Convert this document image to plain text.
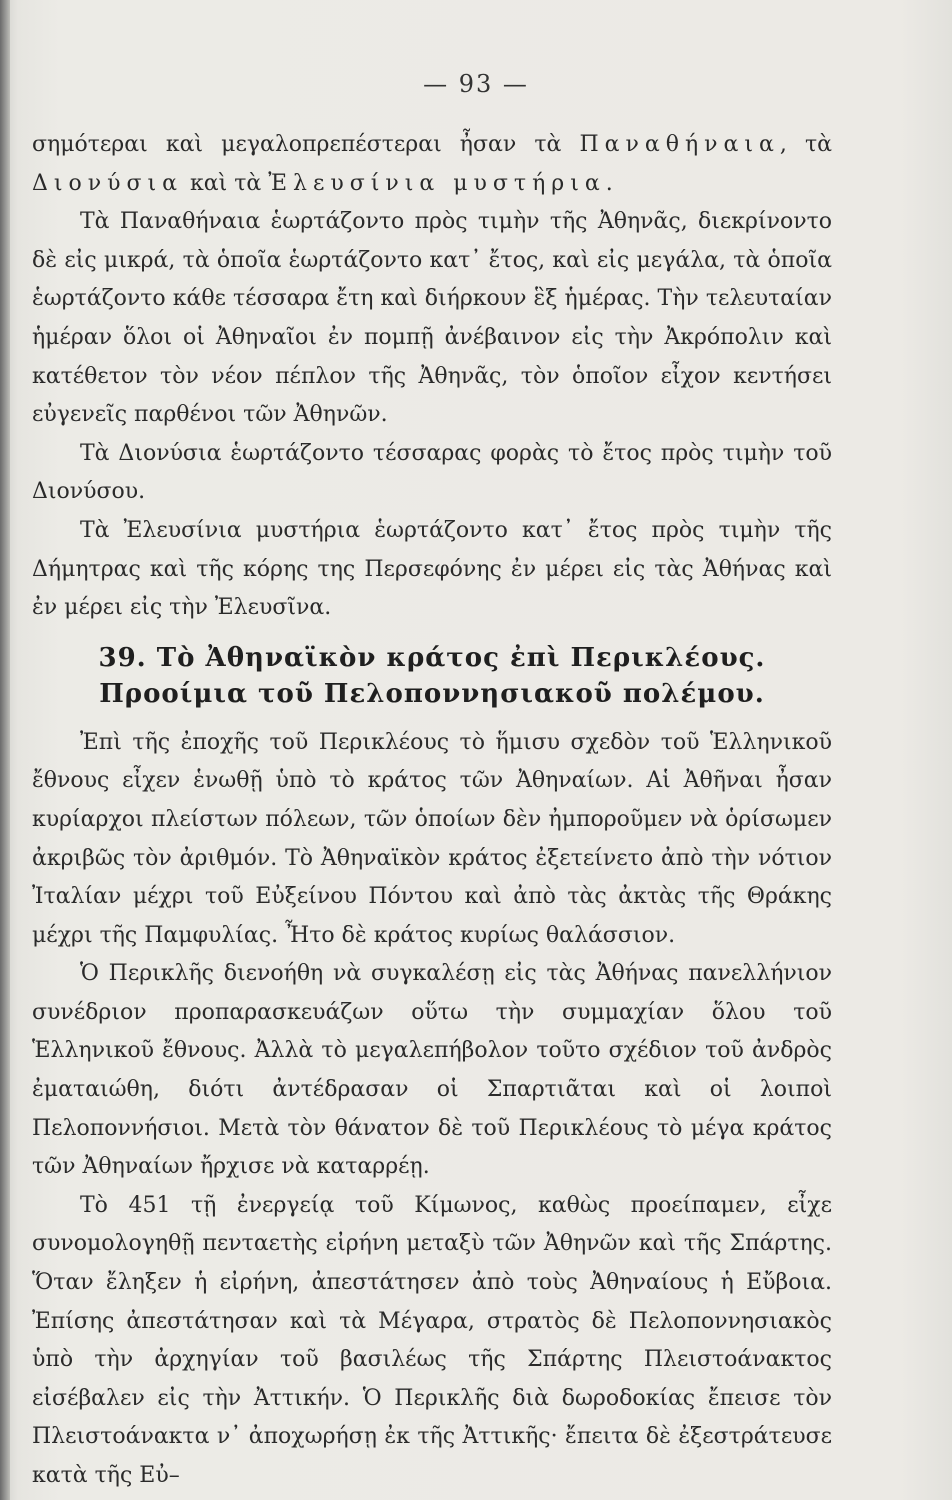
— 93 —

σημότεραι καὶ μεγαλοπρεπέστεραι ἦσαν τὰ Παναθήναια, τὰ Διονύσια καὶ τὰ Ἐλευσίνια μυστήρια.

Τὰ Παναθήναια ἑωρτάζοντο πρὸς τιμὴν τῆς Ἀθηνᾶς, διεκρίνοντο δὲ εἰς μικρά, τὰ ὁποῖα ἑωρτάζοντο κατ᾽ ἔτος, καὶ εἰς μεγάλα, τὰ ὁποῖα ἑωρτάζοντο κάθε τέσσαρα ἔτη καὶ διήρκουν ἓξ ἡμέρας. Τὴν τελευταίαν ἡμέραν ὅλοι οἱ Ἀθηναῖοι ἐν πομπῇ ἀνέβαινον εἰς τὴν Ἀκρόπολιν καὶ κατέθετον τὸν νέον πέπλον τῆς Ἀθηνᾶς, τὸν ὁποῖον εἶχον κεντήσει εὐγενεῖς παρθένοι τῶν Ἀθηνῶν.

Τὰ Διονύσια ἑωρτάζοντο τέσσαρας φορὰς τὸ ἔτος πρὸς τιμὴν τοῦ Διονύσου.

Τὰ Ἐλευσίνια μυστήρια ἑωρτάζοντο κατ᾽ ἔτος πρὸς τιμὴν τῆς Δήμητρας καὶ τῆς κόρης της Περσεφόνης ἐν μέρει εἰς τὰς Ἀθήνας καὶ ἐν μέρει εἰς τὴν Ἐλευσῖνα.

39. Τὸ Ἀθηναϊκὸν κράτος ἐπὶ Περικλέους.
Προοίμια τοῦ Πελοποννησιακοῦ πολέμου.

Ἐπὶ τῆς ἐποχῆς τοῦ Περικλέους τὸ ἥμισυ σχεδὸν τοῦ Ἑλληνικοῦ ἔθνους εἶχεν ἑνωθῇ ὑπὸ τὸ κράτος τῶν Ἀθηναίων. Αἱ Ἀθῆναι ἦσαν κυρίαρχοι πλείστων πόλεων, τῶν ὁποίων δὲν ἠμποροῦμεν νὰ ὁρίσωμεν ἀκριβῶς τὸν ἀριθμόν. Τὸ Ἀθηναϊκὸν κράτος ἐξετείνετο ἀπὸ τὴν νότιον Ἰταλίαν μέχρι τοῦ Εὐξείνου Πόντου καὶ ἀπὸ τὰς ἀκτὰς τῆς Θράκης μέχρι τῆς Παμφυλίας. Ἦτο δὲ κράτος κυρίως θαλάσσιον.

Ὁ Περικλῆς διενοήθη νὰ συγκαλέσῃ εἰς τὰς Ἀθήνας πανελλήνιον συνέδριον προπαρασκευάζων οὕτω τὴν συμμαχίαν ὅλου τοῦ Ἑλληνικοῦ ἔθνους. Ἀλλὰ τὸ μεγαλεπήβολον τοῦτο σχέδιον τοῦ ἀνδρὸς ἐματαιώθη, διότι ἀντέδρασαν οἱ Σπαρτιᾶται καὶ οἱ λοιποὶ Πελοποννήσιοι. Μετὰ τὸν θάνατον δὲ τοῦ Περικλέους τὸ μέγα κράτος τῶν Ἀθηναίων ἤρχισε νὰ καταρρέῃ.

Τὸ 451 τῇ ἐνεργείᾳ τοῦ Κίμωνος, καθὼς προείπαμεν, εἶχε συνομολογηθῇ πενταετὴς εἰρήνη μεταξὺ τῶν Ἀθηνῶν καὶ τῆς Σπάρτης. Ὅταν ἔληξεν ἡ εἰρήνη, ἀπεστάτησεν ἀπὸ τοὺς Ἀθηναίους ἡ Εὔβοια. Ἐπίσης ἀπεστάτησαν καὶ τὰ Μέγαρα, στρατὸς δὲ Πελοποννησιακὸς ὑπὸ τὴν ἀρχηγίαν τοῦ βασιλέως τῆς Σπάρτης Πλειστοάνακτος εἰσέβαλεν εἰς τὴν Ἀττικήν. Ὁ Περικλῆς διὰ δωροδοκίας ἔπεισε τὸν Πλειστοάνακτα ν᾽ ἀποχωρήσῃ ἐκ τῆς Ἀττικῆς· ἔπειτα δὲ ἐξεστράτευσε κατὰ τῆς Εὐ–
